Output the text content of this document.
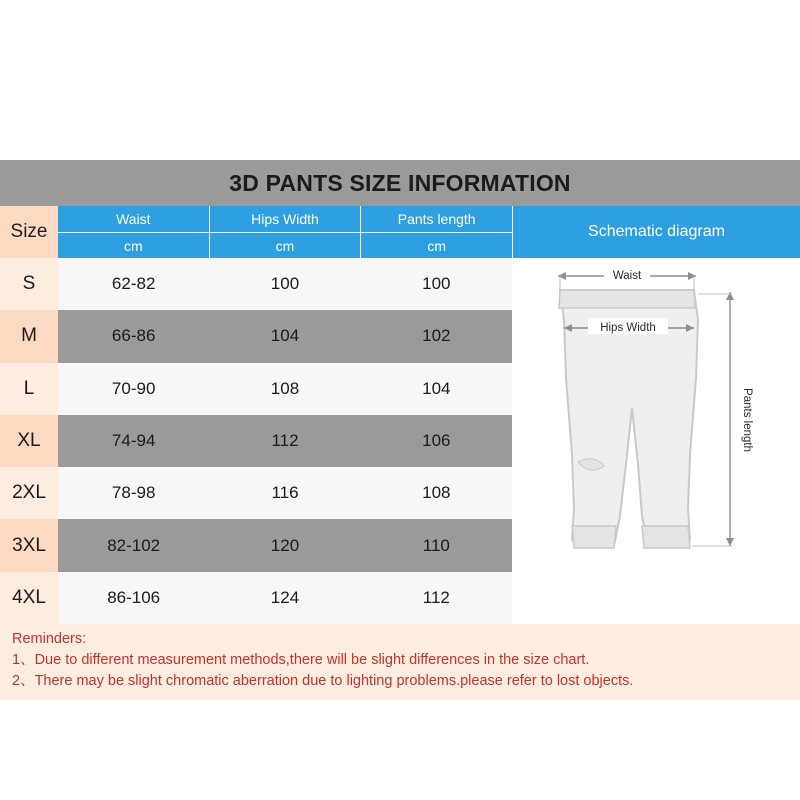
3D PANTS SIZE INFORMATION
Size
Waist	Hips Width	Pants length
cm	cm	cm
S	62-82	100	100
M	66-86	104	102
L	70-90	108	104
XL	74-94	112	106
2XL	78-98	116	108
3XL	82-102	120	110
4XL	86-106	124	112
Schematic diagram
Waist
Hips Width
Pants length
Reminders:
1、Due to different measurement methods,there will be slight differences in the size chart.
2、There may be slight chromatic aberration due to lighting problems.please refer to lost objects.
